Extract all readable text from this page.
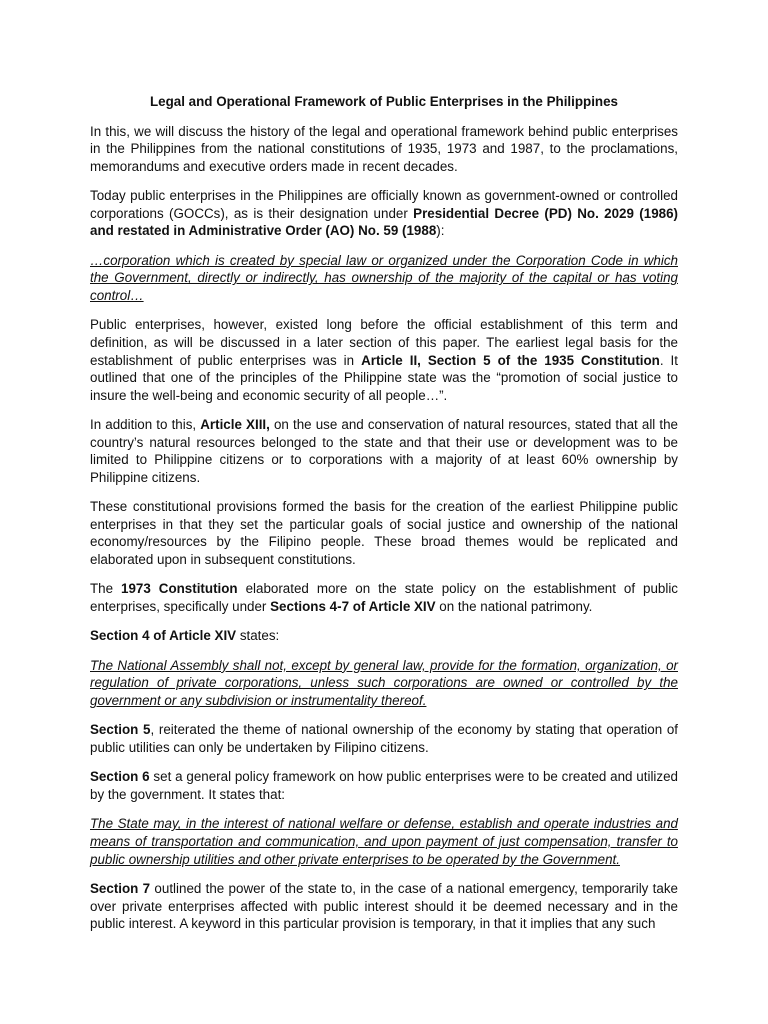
Legal and Operational Framework of Public Enterprises in the Philippines

In this, we will discuss the history of the legal and operational framework behind public enterprises in the Philippines from the national constitutions of 1935, 1973 and 1987, to the proclamations, memorandums and executive orders made in recent decades.

Today public enterprises in the Philippines are officially known as government-owned or controlled corporations (GOCCs), as is their designation under Presidential Decree (PD) No. 2029 (1986) and restated in Administrative Order (AO) No. 59 (1988):

…corporation which is created by special law or organized under the Corporation Code in which the Government, directly or indirectly, has ownership of the majority of the capital or has voting control…

Public enterprises, however, existed long before the official establishment of this term and definition, as will be discussed in a later section of this paper. The earliest legal basis for the establishment of public enterprises was in Article II, Section 5 of the 1935 Constitution. It outlined that one of the principles of the Philippine state was the “promotion of social justice to insure the well-being and economic security of all people…”.

In addition to this, Article XIII, on the use and conservation of natural resources, stated that all the country’s natural resources belonged to the state and that their use or development was to be limited to Philippine citizens or to corporations with a majority of at least 60% ownership by Philippine citizens.

These constitutional provisions formed the basis for the creation of the earliest Philippine public enterprises in that they set the particular goals of social justice and ownership of the national economy/resources by the Filipino people. These broad themes would be replicated and elaborated upon in subsequent constitutions.

The 1973 Constitution elaborated more on the state policy on the establishment of public enterprises, specifically under Sections 4-7 of Article XIV on the national patrimony.

Section 4 of Article XIV states:

The National Assembly shall not, except by general law, provide for the formation, organization, or regulation of private corporations, unless such corporations are owned or controlled by the government or any subdivision or instrumentality thereof.

Section 5, reiterated the theme of national ownership of the economy by stating that operation of public utilities can only be undertaken by Filipino citizens.

Section 6 set a general policy framework on how public enterprises were to be created and utilized by the government. It states that:

The State may, in the interest of national welfare or defense, establish and operate industries and means of transportation and communication, and upon payment of just compensation, transfer to public ownership utilities and other private enterprises to be operated by the Government.

Section 7 outlined the power of the state to, in the case of a national emergency, temporarily take over private enterprises affected with public interest should it be deemed necessary and in the public interest. A keyword in this particular provision is temporary, in that it implies that any such
